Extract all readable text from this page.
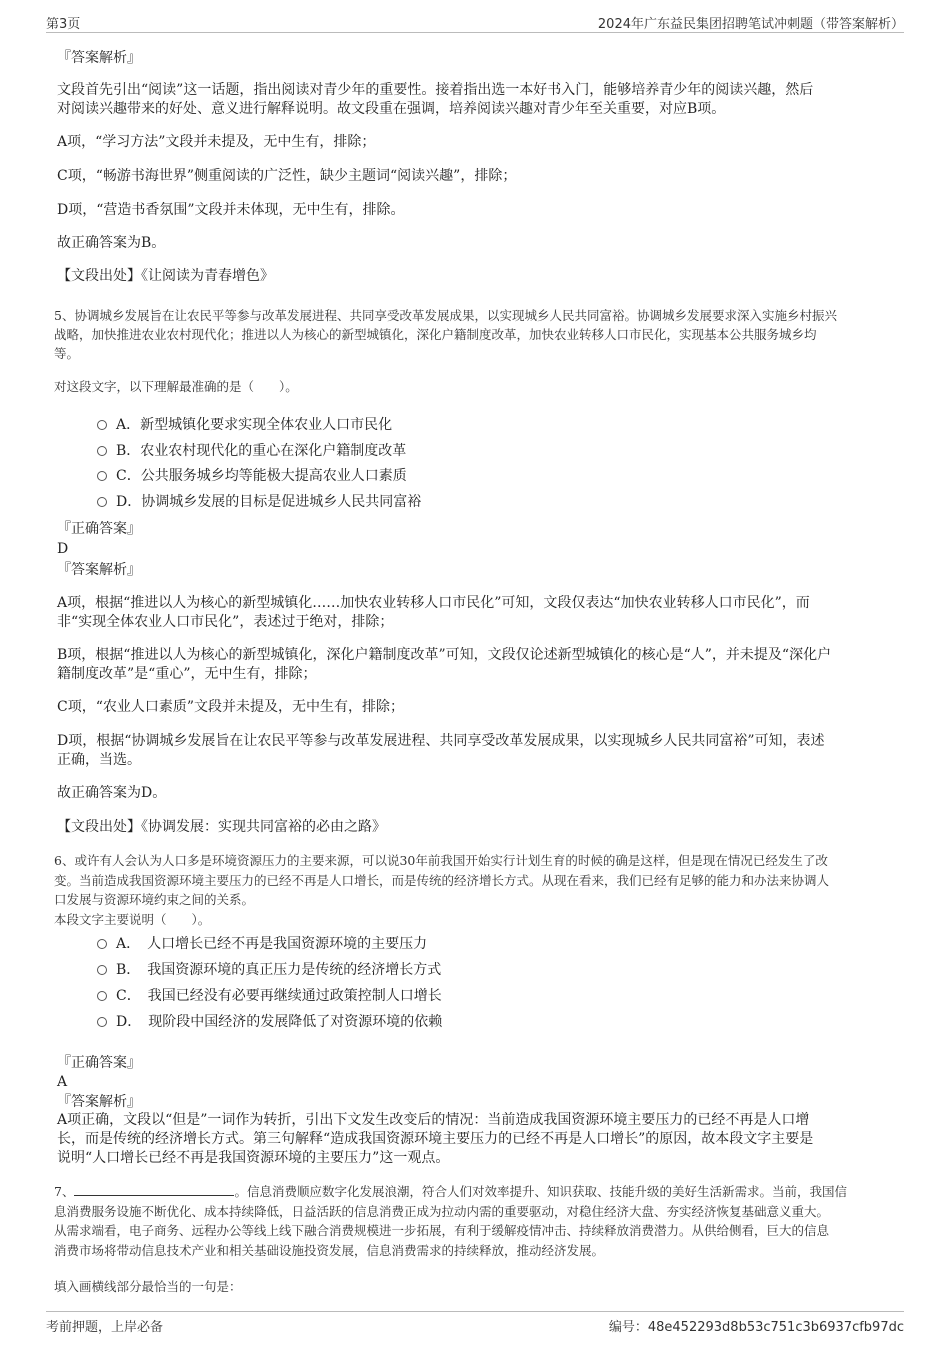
第3页	2024年广东益民集团招聘笔试冲刺题（带答案解析）
『答案解析』
文段首先引出“阅读”这一话题，指出阅读对青少年的重要性。接着指出选一本好书入门，能够培养青少年的阅读兴趣，然后
对阅读兴趣带来的好处、意义进行解释说明。故文段重在强调，培养阅读兴趣对青少年至关重要，对应B项。
A项，“学习方法”文段并未提及，无中生有，排除；
C项，“畅游书海世界”侧重阅读的广泛性，缺少主题词“阅读兴趣”，排除；
D项，“营造书香氛围”文段并未体现，无中生有，排除。
故正确答案为B。
【文段出处】《让阅读为青春增色》
5、协调城乡发展旨在让农民平等参与改革发展进程、共同享受改革发展成果，以实现城乡人民共同富裕。协调城乡发展要求深入实施乡村振兴
战略，加快推进农业农村现代化；推进以人为核心的新型城镇化，深化户籍制度改革，加快农业转移人口市民化，实现基本公共服务城乡均
等。
对这段文字，以下理解最准确的是（　　）。
A．新型城镇化要求实现全体农业人口市民化
B．农业农村现代化的重心在深化户籍制度改革
C．公共服务城乡均等能极大提高农业人口素质
D．协调城乡发展的目标是促进城乡人民共同富裕
『正确答案』
D
『答案解析』
A项，根据“推进以人为核心的新型城镇化……加快农业转移人口市民化”可知，文段仅表达“加快农业转移人口市民化”，而
非“实现全体农业人口市民化”，表述过于绝对，排除；
B项，根据“推进以人为核心的新型城镇化，深化户籍制度改革”可知，文段仅论述新型城镇化的核心是“人”，并未提及“深化户
籍制度改革”是“重心”，无中生有，排除；
C项，“农业人口素质”文段并未提及，无中生有，排除；
D项，根据“协调城乡发展旨在让农民平等参与改革发展进程、共同享受改革发展成果，以实现城乡人民共同富裕”可知，表述
正确，当选。
故正确答案为D。
【文段出处】《协调发展：实现共同富裕的必由之路》
6、或许有人会认为人口多是环境资源压力的主要来源，可以说30年前我国开始实行计划生育的时候的确是这样，但是现在情况已经发生了改
变。当前造成我国资源环境主要压力的已经不再是人口增长，而是传统的经济增长方式。从现在看来，我们已经有足够的能力和办法来协调人
口发展与资源环境约束之间的关系。
本段文字主要说明（　　）。
A．　人口增长已经不再是我国资源环境的主要压力
B．　我国资源环境的真正压力是传统的经济增长方式
C．　我国已经没有必要再继续通过政策控制人口增长
D．　现阶段中国经济的发展降低了对资源环境的依赖
『正确答案』
A
『答案解析』
A项正确，文段以“但是”一词作为转折，引出下文发生改变后的情况：当前造成我国资源环境主要压力的已经不再是人口增
长，而是传统的经济增长方式。第三句解释“造成我国资源环境主要压力的已经不再是人口增长”的原因，故本段文字主要是
说明“人口增长已经不再是我国资源环境的主要压力”这一观点。
7、	。信息消费顺应数字化发展浪潮，符合人们对效率提升、知识获取、技能升级的美好生活新需求。当前，我国信
息消费服务设施不断优化、成本持续降低，日益活跃的信息消费正成为拉动内需的重要驱动，对稳住经济大盘、夯实经济恢复基础意义重大。
从需求端看，电子商务、远程办公等线上线下融合消费规模进一步拓展，有利于缓解疫情冲击、持续释放消费潜力。从供给侧看，巨大的信息
消费市场将带动信息技术产业和相关基础设施投资发展，信息消费需求的持续释放，推动经济发展。
填入画横线部分最恰当的一句是：
考前押题，上岸必备	编号：48e452293d8b53c751c3b6937cfb97dc
